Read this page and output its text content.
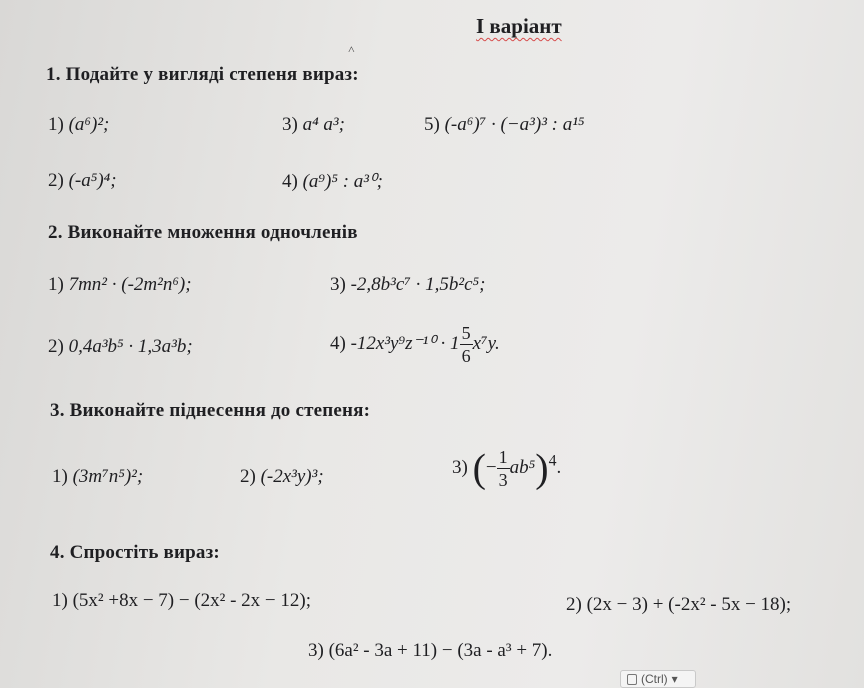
I варіант
˄
1. Подайте у вигляді степеня вираз:
1) (a⁶)²;	3) a⁴ a³;	5) (-a⁶)⁷ · (−a³)³ : a¹⁵
2) (-a⁵)⁴;	4) (a⁹)⁵ : a³⁰;
2. Виконайте множення одночленів
1) 7mn² · (-2m²n⁶);	3) -2,8b³c⁷ · 1,5b²c⁵;
2) 0,4a³b⁵ · 1,3a³b;	4) $-12x^3y^9z^{-10} \cdot 1 \frac{5}{6} x^7y$.
3. Виконайте піднесення до степеня:
1) (3m⁷n⁵)²;	2) (-2x³y)³;	3) (− $\frac{1}{3} ab^5)^4$.
4. Спростіть вираз:
1) (5x² +8x − 7) − (2x² - 2x − 12);	2) (2x − 3) + (-2x² - 5x − 18);
3) (6a² - 3a + 11) − (3a - a³ + 7).
(Ctrl) ▾
